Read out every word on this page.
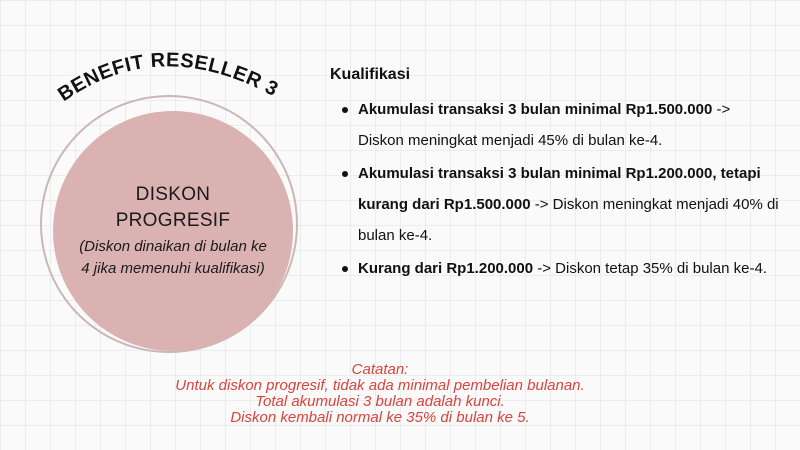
BENEFIT RESELLER 3
DISKON
PROGRESIF
(Diskon dinaikan di bulan ke 4 jika memenuhi kualifikasi)
Kualifikasi
Akumulasi transaksi 3 bulan minimal Rp1.500.000 -> Diskon meningkat menjadi 45% di bulan ke-4.
Akumulasi transaksi 3 bulan minimal Rp1.200.000, tetapi kurang dari Rp1.500.000 -> Diskon meningkat menjadi 40% di bulan ke-4.
Kurang dari Rp1.200.000 -> Diskon tetap 35% di bulan ke-4.
Catatan:
Untuk diskon progresif, tidak ada minimal pembelian bulanan.
Total akumulasi 3 bulan adalah kunci.
Diskon kembali normal ke 35% di bulan ke 5.
